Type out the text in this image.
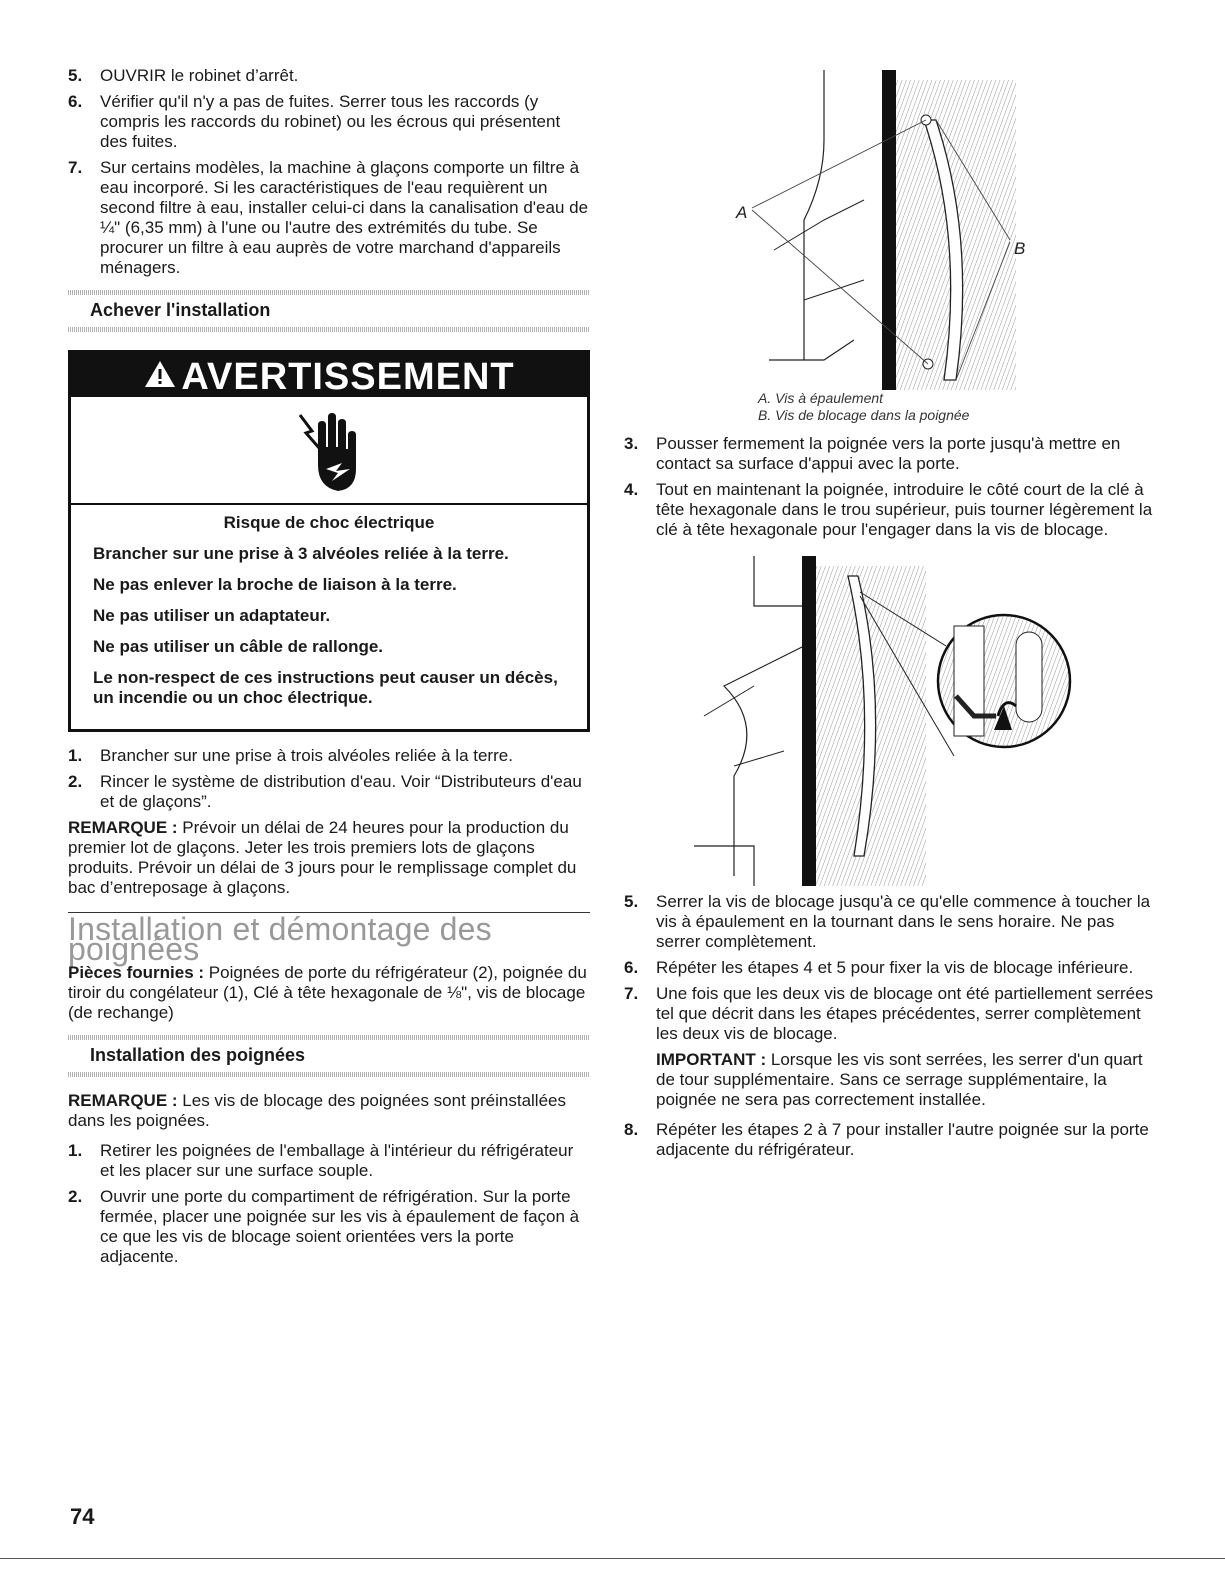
5. OUVRIR le robinet d’arrêt.
6. Vérifier qu'il n'y a pas de fuites. Serrer tous les raccords (y compris les raccords du robinet) ou les écrous qui présentent des fuites.
7. Sur certains modèles, la machine à glaçons comporte un filtre à eau incorporé. Si les caractéristiques de l'eau requièrent un second filtre à eau, installer celui-ci dans la canalisation d'eau de ¼" (6,35 mm) à l'une ou l'autre des extrémités du tube. Se procurer un filtre à eau auprès de votre marchand d'appareils ménagers.
Achever l'installation
AVERTISSEMENT

Risque de choc électrique

Brancher sur une prise à 3 alvéoles reliée à la terre.

Ne pas enlever la broche de liaison à la terre.

Ne pas utiliser un adaptateur.

Ne pas utiliser un câble de rallonge.

Le non-respect de ces instructions peut causer un décès, un incendie ou un choc électrique.

1. Brancher sur une prise à trois alvéoles reliée à la terre.
2. Rincer le système de distribution d'eau. Voir “Distributeurs d'eau et de glaçons”.

REMARQUE : Prévoir un délai de 24 heures pour la production du premier lot de glaçons. Jeter les trois premiers lots de glaçons produits. Prévoir un délai de 3 jours pour le remplissage complet du bac d’entreposage à glaçons.

Installation et démontage des poignées

Pièces fournies : Poignées de porte du réfrigérateur (2), poignée du tiroir du congélateur (1), Clé à tête hexagonale de ⅛", vis de blocage (de rechange)

Installation des poignées

REMARQUE : Les vis de blocage des poignées sont préinstallées dans les poignées.

1. Retirer les poignées de l'emballage à l'intérieur du réfrigérateur et les placer sur une surface souple.
2. Ouvrir une porte du compartiment de réfrigération. Sur la porte fermée, placer une poignée sur les vis à épaulement de façon à ce que les vis de blocage soient orientées vers la porte adjacente.
A
B
A. Vis à épaulement
B. Vis de blocage dans la poignée
3. Pousser fermement la poignée vers la porte jusqu'à mettre en contact sa surface d'appui avec la porte.
4. Tout en maintenant la poignée, introduire le côté court de la clé à tête hexagonale dans le trou supérieur, puis tourner légèrement la clé à tête hexagonale pour l'engager dans la vis de blocage.
5. Serrer la vis de blocage jusqu'à ce qu'elle commence à toucher la vis à épaulement en la tournant dans le sens horaire. Ne pas serrer complètement.
6. Répéter les étapes 4 et 5 pour fixer la vis de blocage inférieure.
7. Une fois que les deux vis de blocage ont été partiellement serrées tel que décrit dans les étapes précédentes, serrer complètement les deux vis de blocage.

IMPORTANT : Lorsque les vis sont serrées, les serrer d'un quart de tour supplémentaire. Sans ce serrage supplémentaire, la poignée ne sera pas correctement installée.

8. Répéter les étapes 2 à 7 pour installer l'autre poignée sur la porte adjacente du réfrigérateur.
74
